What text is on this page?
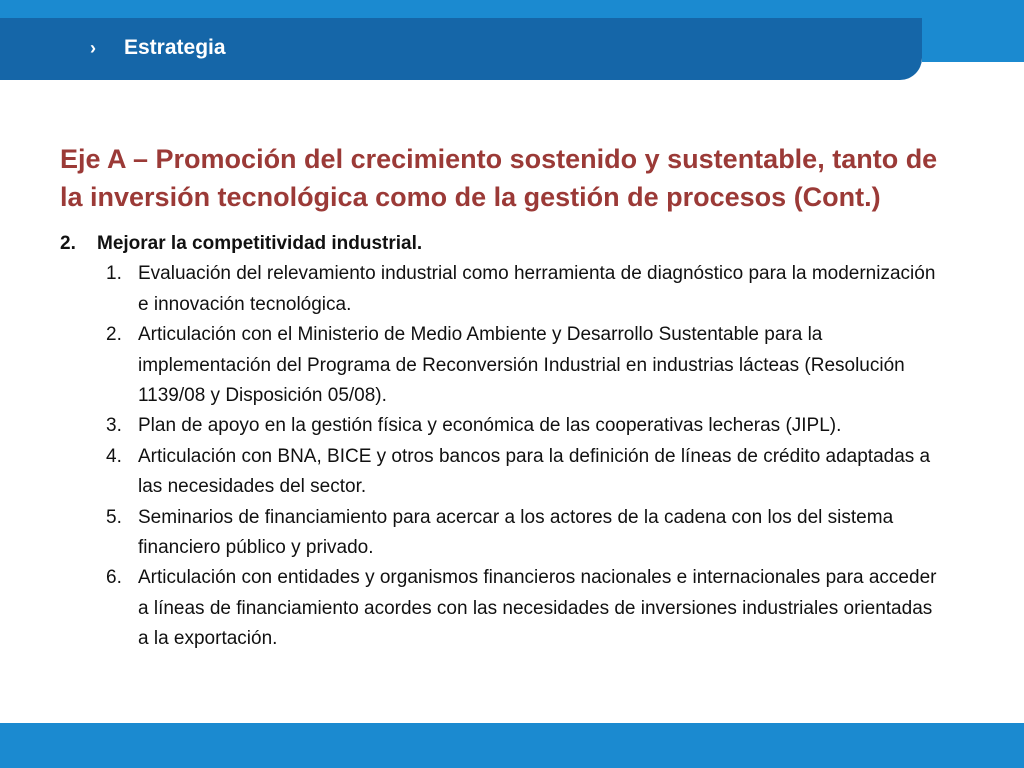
› Estrategia
Eje A – Promoción del crecimiento sostenido y sustentable, tanto de la inversión tecnológica como de la gestión de procesos (Cont.)
2.	Mejorar la competitividad industrial.
1. Evaluación del relevamiento industrial como herramienta de diagnóstico para la modernización e innovación tecnológica.
2. Articulación con el Ministerio de Medio Ambiente y Desarrollo Sustentable para la implementación del Programa de Reconversión Industrial en industrias lácteas (Resolución 1139/08 y Disposición 05/08).
3. Plan de apoyo en la gestión física y económica de las cooperativas lecheras (JIPL).
4. Articulación con BNA, BICE y otros bancos para la definición de líneas de crédito adaptadas a las necesidades del sector.
5. Seminarios de financiamiento para acercar a los actores de la cadena con los del sistema financiero público y privado.
6. Articulación con entidades y organismos financieros nacionales e internacionales para acceder a líneas de financiamiento acordes con las necesidades de inversiones industriales orientadas a la exportación.
